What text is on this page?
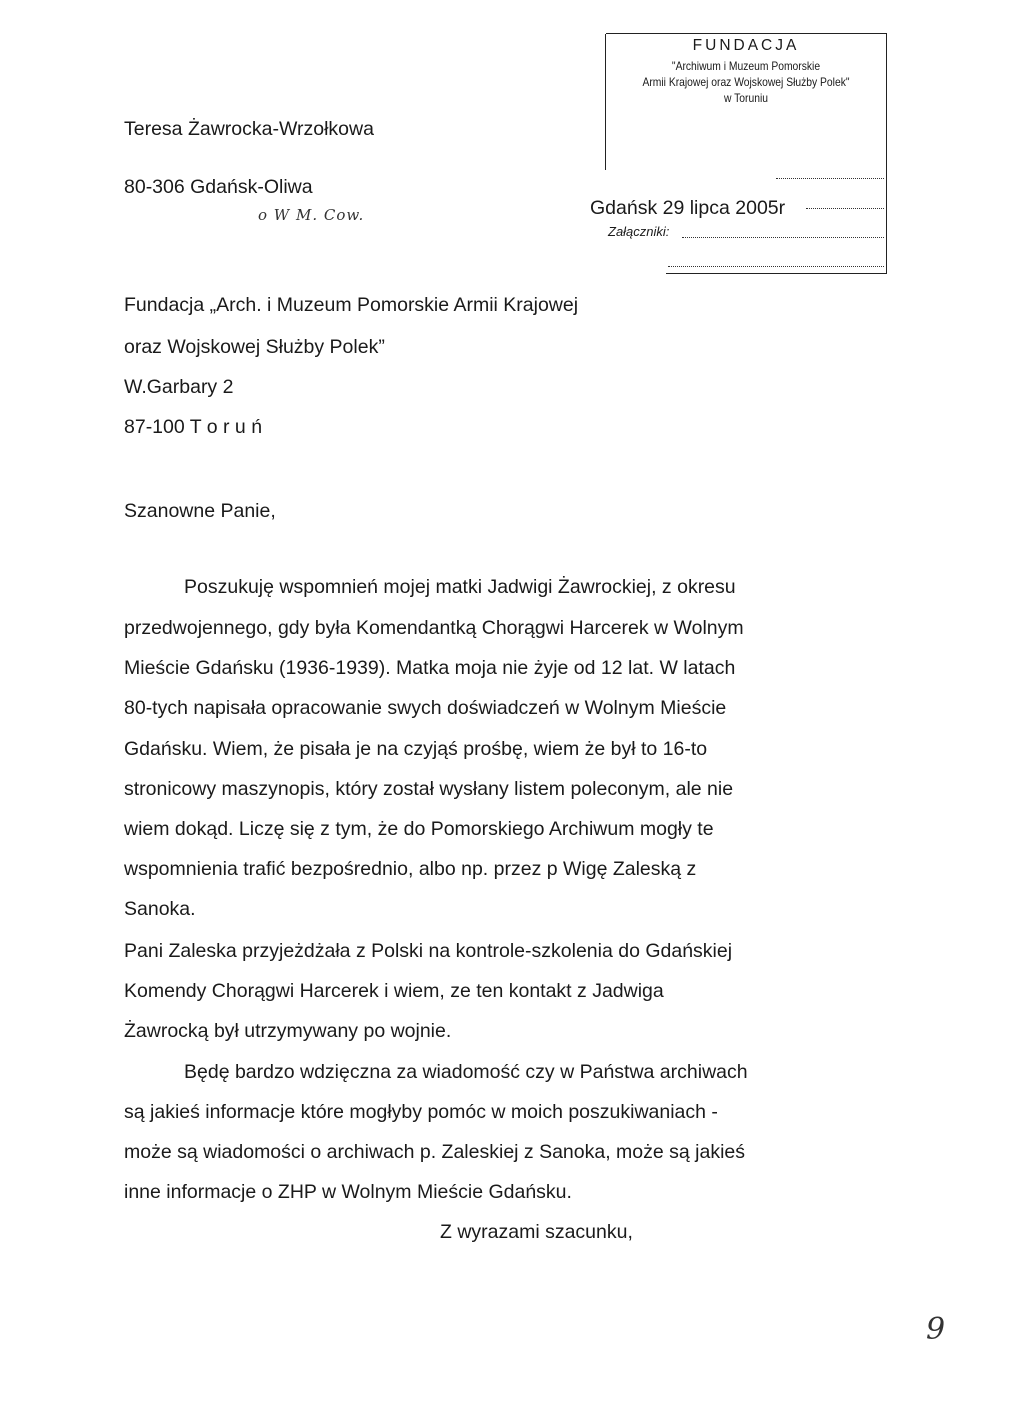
Teresa Żawrocka-Wrzołkowa
80-306 Gdańsk-Oliwa
o W M. Cow.
FUNDACJA
"Archiwum i Muzeum Pomorskie
Armii Krajowej oraz Wojskowej Służby Polek"
w Toruniu
Gdańsk 29 lipca 2005r
Załączniki:
Fundacja „Arch. i Muzeum Pomorskie Armii Krajowej
oraz Wojskowej Służby Polek”
W.Garbary 2
87-100 T o r u ń
Szanowne Panie,
Poszukuję wspomnień mojej matki Jadwigi Żawrockiej, z okresu
przedwojennego, gdy była Komendantką Chorągwi Harcerek w Wolnym
Mieście Gdańsku (1936-1939). Matka moja nie żyje od 12 lat. W latach
80-tych napisała opracowanie swych doświadczeń w Wolnym Mieście
Gdańsku. Wiem, że pisała je na czyjąś prośbę, wiem że był to 16-to
stronicowy maszynopis, który został wysłany listem poleconym, ale nie
wiem dokąd. Liczę się z tym, że do Pomorskiego Archiwum mogły te
wspomnienia trafić bezpośrednio, albo np. przez p Wigę Zaleską z
Sanoka.
Pani Zaleska przyjeżdżała z Polski na kontrole-szkolenia do Gdańskiej
Komendy Chorągwi Harcerek i wiem, ze ten kontakt z Jadwiga
Żawrocką był utrzymywany po wojnie.
Będę bardzo wdzięczna za wiadomość czy w Państwa archiwach
są jakieś informacje które mogłyby pomóc w moich poszukiwaniach -
może są wiadomości o archiwach p. Zaleskiej z Sanoka, może są jakieś
inne informacje o ZHP w Wolnym Mieście Gdańsku.
Z wyrazami szacunku,
9
